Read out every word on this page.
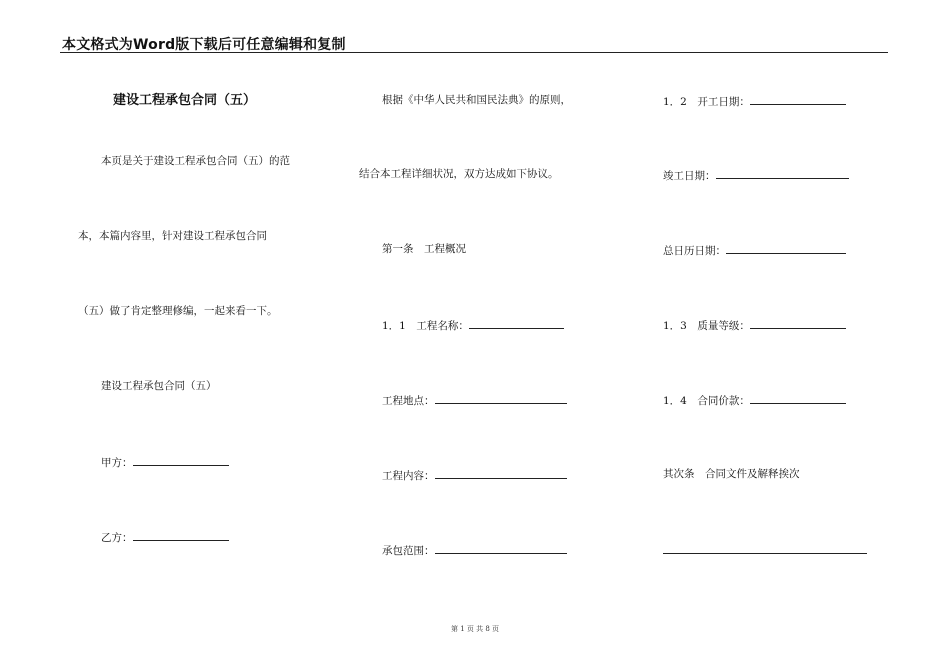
本文格式为Word版下载后可任意编辑和复制
建设工程承包合同（五）
本页是关于建设工程承包合同（五）的范
本，本篇内容里，针对建设工程承包合同
（五）做了肯定整理修编，一起来看一下。
建设工程承包合同（五）
甲方：
乙方：
根据《中华人民共和国民法典》的原则，
结合本工程详细状况，双方达成如下协议。
第一条　工程概况
1．1　工程名称：
工程地点：
工程内容：
承包范围：
1．2　开工日期：
竣工日期：
总日历日期：
1．3　质量等级：
1．4　合同价款：
其次条　合同文件及解释挨次
第 1 页 共 8 页
